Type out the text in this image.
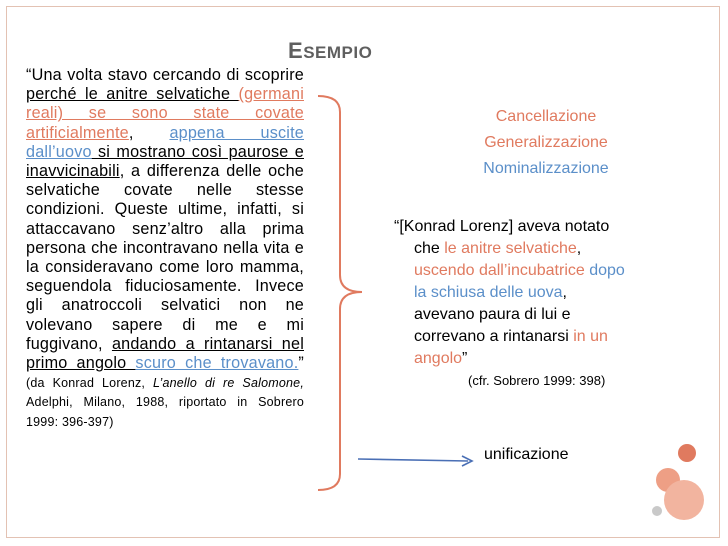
ESEMPIO
“Una volta stavo cercando di scoprire perché le anitre selvatiche (germani reali) se sono state covate artificialmente, appena uscite dall’uovo si mostrano così paurose e inavvicinabili, a differenza delle oche selvatiche covate nelle stesse condizioni. Queste ultime, infatti, si attaccavano senz’altro alla prima persona che incontravano nella vita e la consideravano come loro mamma, seguendola fiduciosamente. Invece gli anatroccoli selvatici non ne volevano sapere di me e mi fuggivano, andando a rintanarsi nel primo angolo scuro che trovavano.” (da Konrad Lorenz, L’anello di re Salomone, Adelphi, Milano, 1988, riportato in Sobrero 1999: 396-397)
Cancellazione
Generalizzazione
Nominalizzazione
“[Konrad Lorenz] aveva notato
che le anitre selvatiche,
uscendo dall’incubatrice dopo
la schiusa delle uova,
avevano paura di lui e
correvano a rintanarsi in un
angolo”
(cfr. Sobrero 1999: 398)
unificazione
